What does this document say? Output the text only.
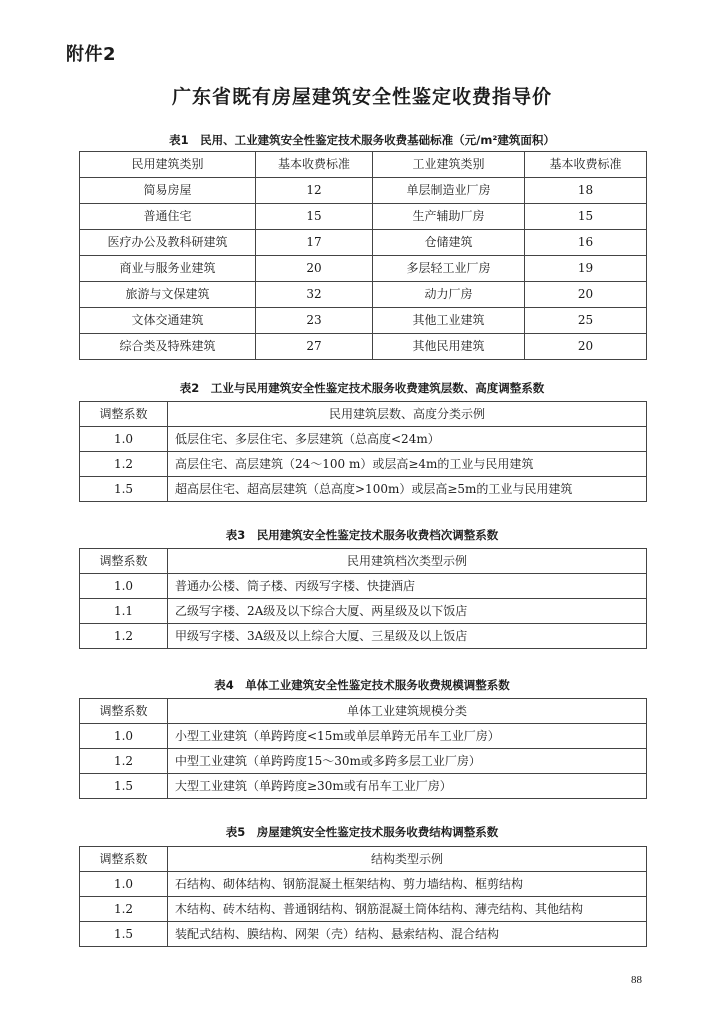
附件2
广东省既有房屋建筑安全性鉴定收费指导价
表1　民用、工业建筑安全性鉴定技术服务收费基础标准（元/m²建筑面积）
民用建筑类别	基本收费标准	工业建筑类别	基本收费标准
简易房屋	12	单层制造业厂房	18
普通住宅	15	生产辅助厂房	15
医疗办公及教科研建筑	17	仓储建筑	16
商业与服务业建筑	20	多层轻工业厂房	19
旅游与文保建筑	32	动力厂房	20
文体交通建筑	23	其他工业建筑	25
综合类及特殊建筑	27	其他民用建筑	20
表2　工业与民用建筑安全性鉴定技术服务收费建筑层数、高度调整系数
调整系数	民用建筑层数、高度分类示例
1.0	低层住宅、多层住宅、多层建筑（总高度<24m）
1.2	高层住宅、高层建筑（24～100 m）或层高≥4m的工业与民用建筑
1.5	超高层住宅、超高层建筑（总高度>100m）或层高≥5m的工业与民用建筑
表3　民用建筑安全性鉴定技术服务收费档次调整系数
调整系数	民用建筑档次类型示例
1.0	普通办公楼、筒子楼、丙级写字楼、快捷酒店
1.1	乙级写字楼、2A级及以下综合大厦、两星级及以下饭店
1.2	甲级写字楼、3A级及以上综合大厦、三星级及以上饭店
表4　单体工业建筑安全性鉴定技术服务收费规模调整系数
调整系数	单体工业建筑规模分类
1.0	小型工业建筑（单跨跨度<15m或单层单跨无吊车工业厂房）
1.2	中型工业建筑（单跨跨度15～30m或多跨多层工业厂房）
1.5	大型工业建筑（单跨跨度≥30m或有吊车工业厂房）
表5　房屋建筑安全性鉴定技术服务收费结构调整系数
调整系数	结构类型示例
1.0	石结构、砌体结构、钢筋混凝土框架结构、剪力墙结构、框剪结构
1.2	木结构、砖木结构、普通钢结构、钢筋混凝土筒体结构、薄壳结构、其他结构
1.5	装配式结构、膜结构、网架（壳）结构、悬索结构、混合结构
88
